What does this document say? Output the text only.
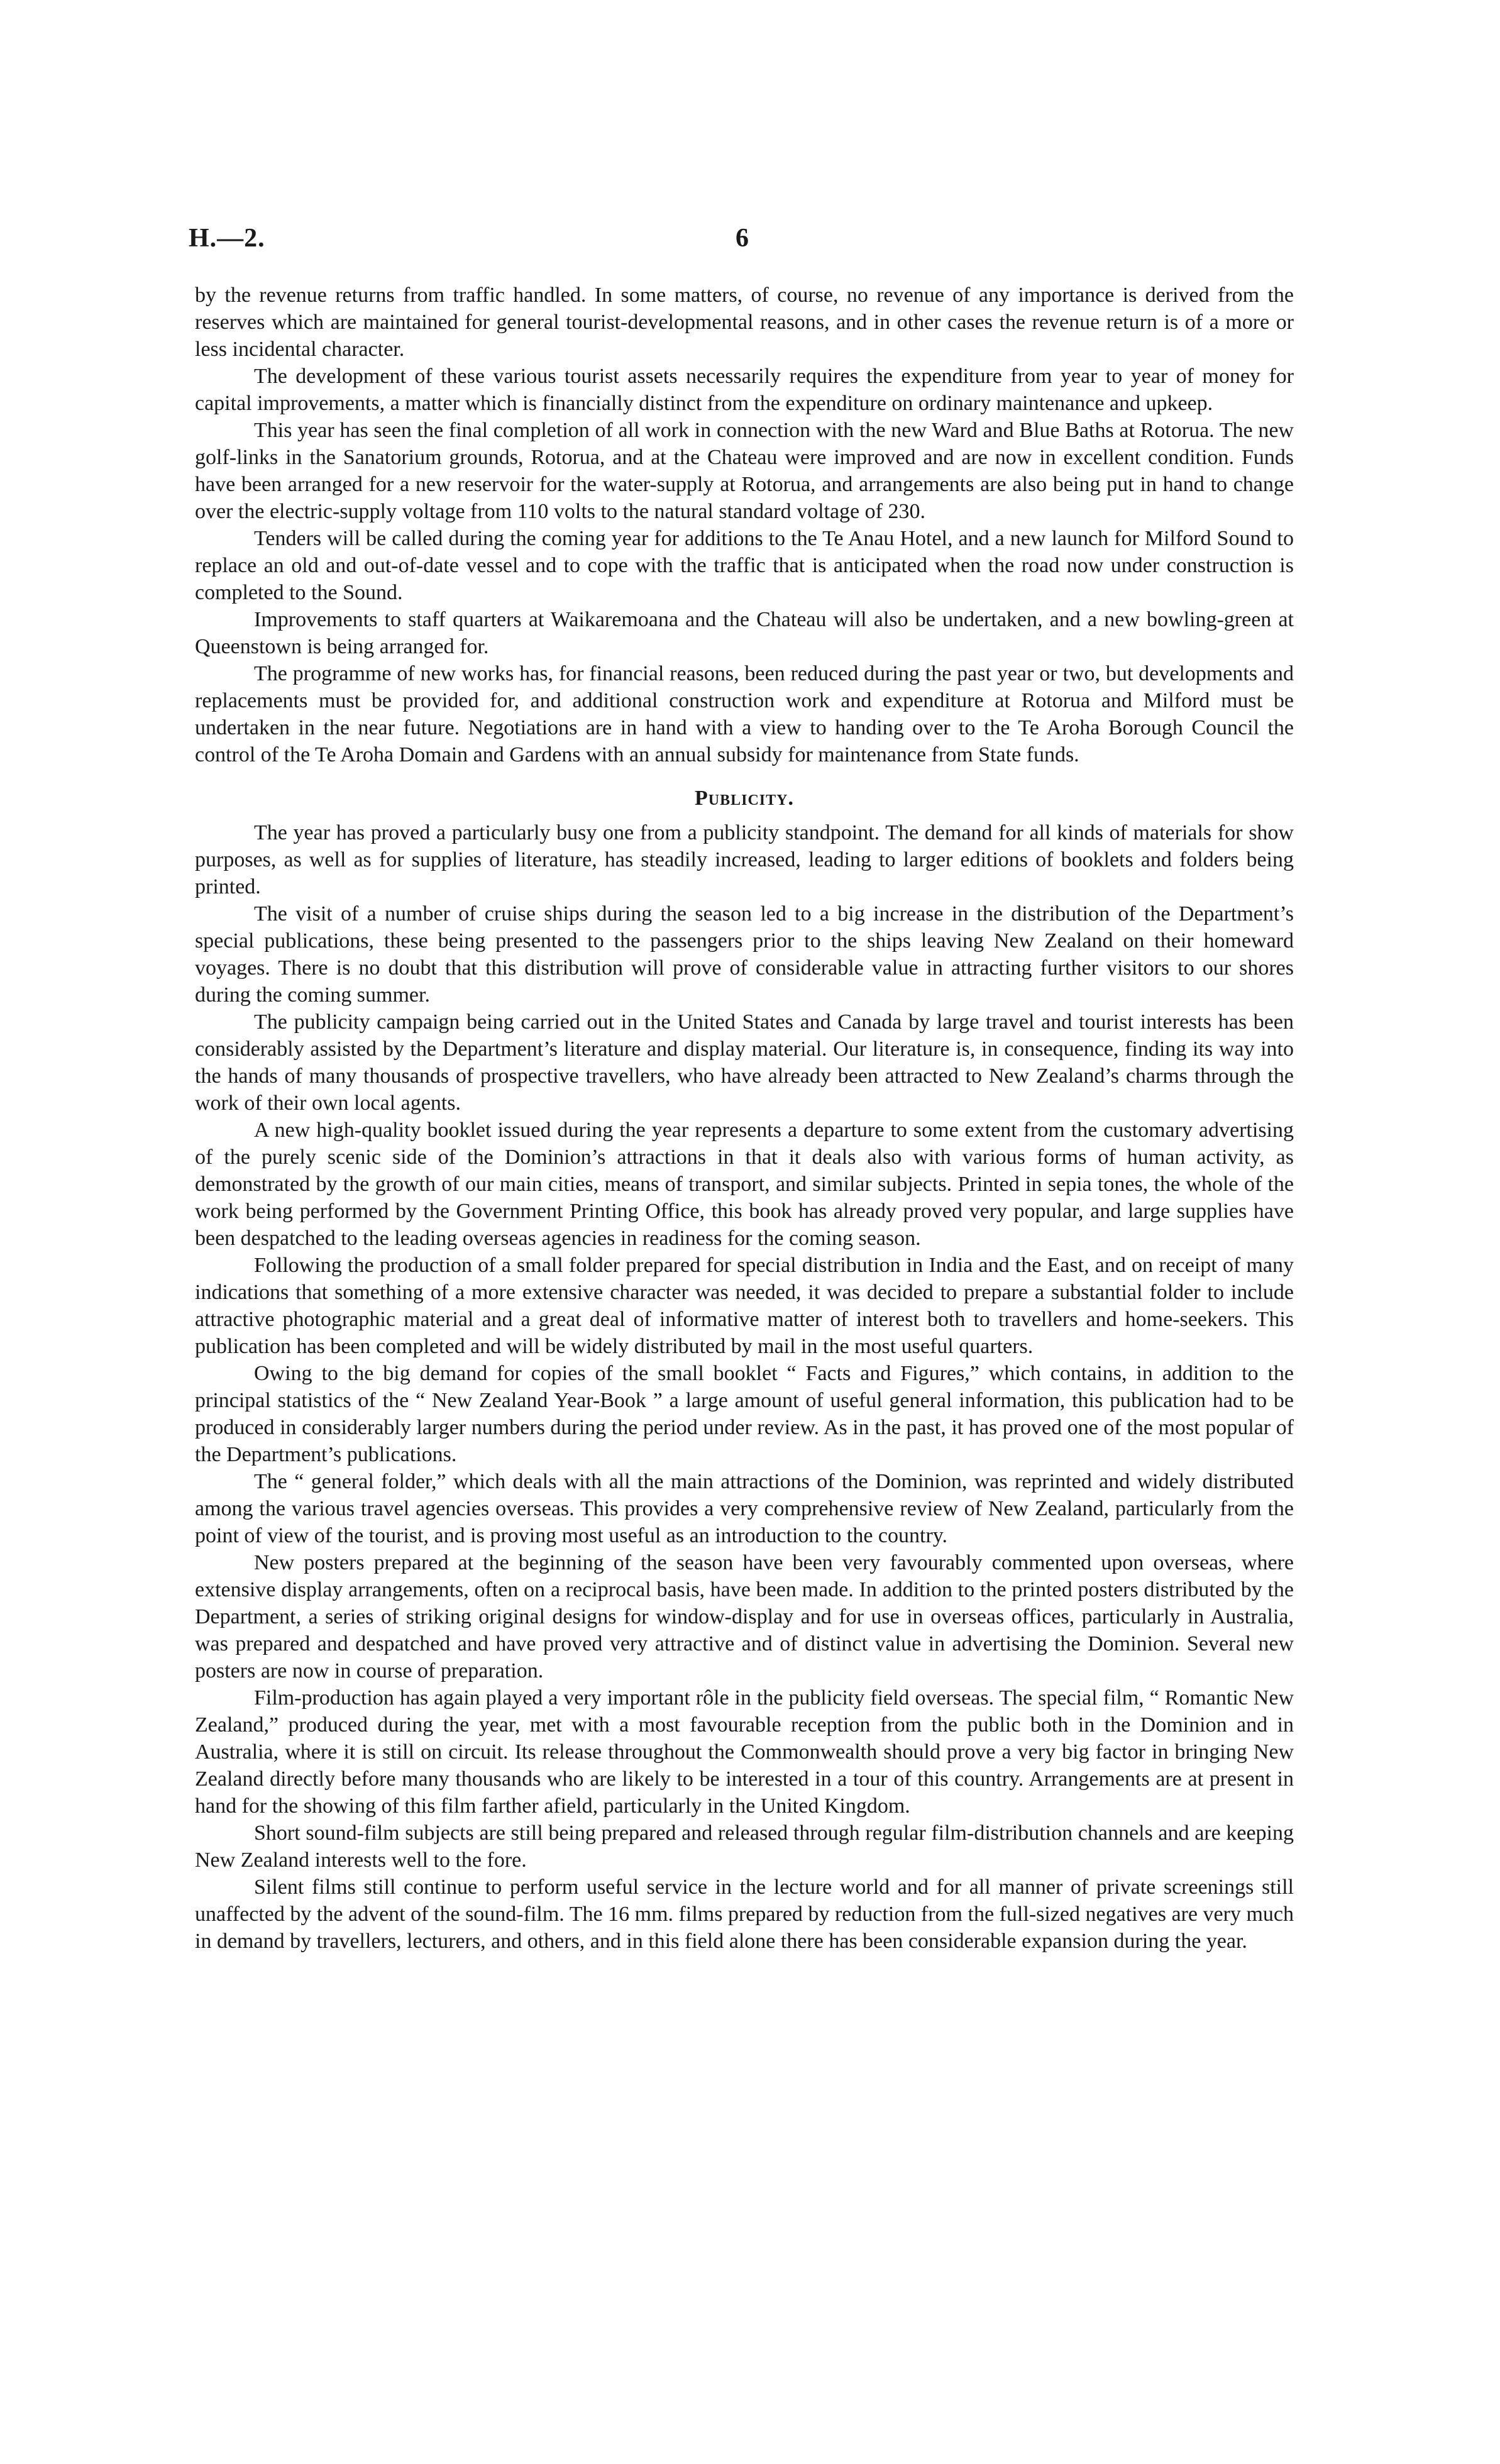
H.—2.	6

by the revenue returns from traffic handled. In some matters, of course, no revenue of any importance is derived from the reserves which are maintained for general tourist-developmental reasons, and in other cases the revenue return is of a more or less incidental character.

The development of these various tourist assets necessarily requires the expenditure from year to year of money for capital improvements, a matter which is financially distinct from the expenditure on ordinary maintenance and upkeep.

This year has seen the final completion of all work in connection with the new Ward and Blue Baths at Rotorua. The new golf-links in the Sanatorium grounds, Rotorua, and at the Chateau were improved and are now in excellent condition. Funds have been arranged for a new reservoir for the water-supply at Rotorua, and arrangements are also being put in hand to change over the electric-supply voltage from 110 volts to the natural standard voltage of 230.

Tenders will be called during the coming year for additions to the Te Anau Hotel, and a new launch for Milford Sound to replace an old and out-of-date vessel and to cope with the traffic that is anticipated when the road now under construction is completed to the Sound.

Improvements to staff quarters at Waikaremoana and the Chateau will also be undertaken, and a new bowling-green at Queenstown is being arranged for.

The programme of new works has, for financial reasons, been reduced during the past year or two, but developments and replacements must be provided for, and additional construction work and expenditure at Rotorua and Milford must be undertaken in the near future. Negotiations are in hand with a view to handing over to the Te Aroha Borough Council the control of the Te Aroha Domain and Gardens with an annual subsidy for maintenance from State funds.

Publicity.

The year has proved a particularly busy one from a publicity standpoint. The demand for all kinds of materials for show purposes, as well as for supplies of literature, has steadily increased, leading to larger editions of booklets and folders being printed.

The visit of a number of cruise ships during the season led to a big increase in the distribution of the Department’s special publications, these being presented to the passengers prior to the ships leaving New Zealand on their homeward voyages. There is no doubt that this distribution will prove of considerable value in attracting further visitors to our shores during the coming summer.

The publicity campaign being carried out in the United States and Canada by large travel and tourist interests has been considerably assisted by the Department’s literature and display material. Our literature is, in consequence, finding its way into the hands of many thousands of prospective travellers, who have already been attracted to New Zealand’s charms through the work of their own local agents.

A new high-quality booklet issued during the year represents a departure to some extent from the customary advertising of the purely scenic side of the Dominion’s attractions in that it deals also with various forms of human activity, as demonstrated by the growth of our main cities, means of transport, and similar subjects. Printed in sepia tones, the whole of the work being performed by the Government Printing Office, this book has already proved very popular, and large supplies have been despatched to the leading overseas agencies in readiness for the coming season.

Following the production of a small folder prepared for special distribution in India and the East, and on receipt of many indications that something of a more extensive character was needed, it was decided to prepare a substantial folder to include attractive photographic material and a great deal of informative matter of interest both to travellers and home-seekers. This publication has been completed and will be widely distributed by mail in the most useful quarters.

Owing to the big demand for copies of the small booklet “ Facts and Figures,” which contains, in addition to the principal statistics of the “ New Zealand Year-Book ” a large amount of useful general information, this publication had to be produced in considerably larger numbers during the period under review. As in the past, it has proved one of the most popular of the Department’s publications.

The “ general folder,” which deals with all the main attractions of the Dominion, was reprinted and widely distributed among the various travel agencies overseas. This provides a very comprehensive review of New Zealand, particularly from the point of view of the tourist, and is proving most useful as an introduction to the country.

New posters prepared at the beginning of the season have been very favourably commented upon overseas, where extensive display arrangements, often on a reciprocal basis, have been made. In addition to the printed posters distributed by the Department, a series of striking original designs for window-display and for use in overseas offices, particularly in Australia, was prepared and despatched and have proved very attractive and of distinct value in advertising the Dominion. Several new posters are now in course of preparation.

Film-production has again played a very important rôle in the publicity field overseas. The special film, “ Romantic New Zealand,” produced during the year, met with a most favourable reception from the public both in the Dominion and in Australia, where it is still on circuit. Its release throughout the Commonwealth should prove a very big factor in bringing New Zealand directly before many thousands who are likely to be interested in a tour of this country. Arrangements are at present in hand for the showing of this film farther afield, particularly in the United Kingdom.

Short sound-film subjects are still being prepared and released through regular film-distribution channels and are keeping New Zealand interests well to the fore.

Silent films still continue to perform useful service in the lecture world and for all manner of private screenings still unaffected by the advent of the sound-film. The 16 mm. films prepared by reduction from the full-sized negatives are very much in demand by travellers, lecturers, and others, and in this field alone there has been considerable expansion during the year.
